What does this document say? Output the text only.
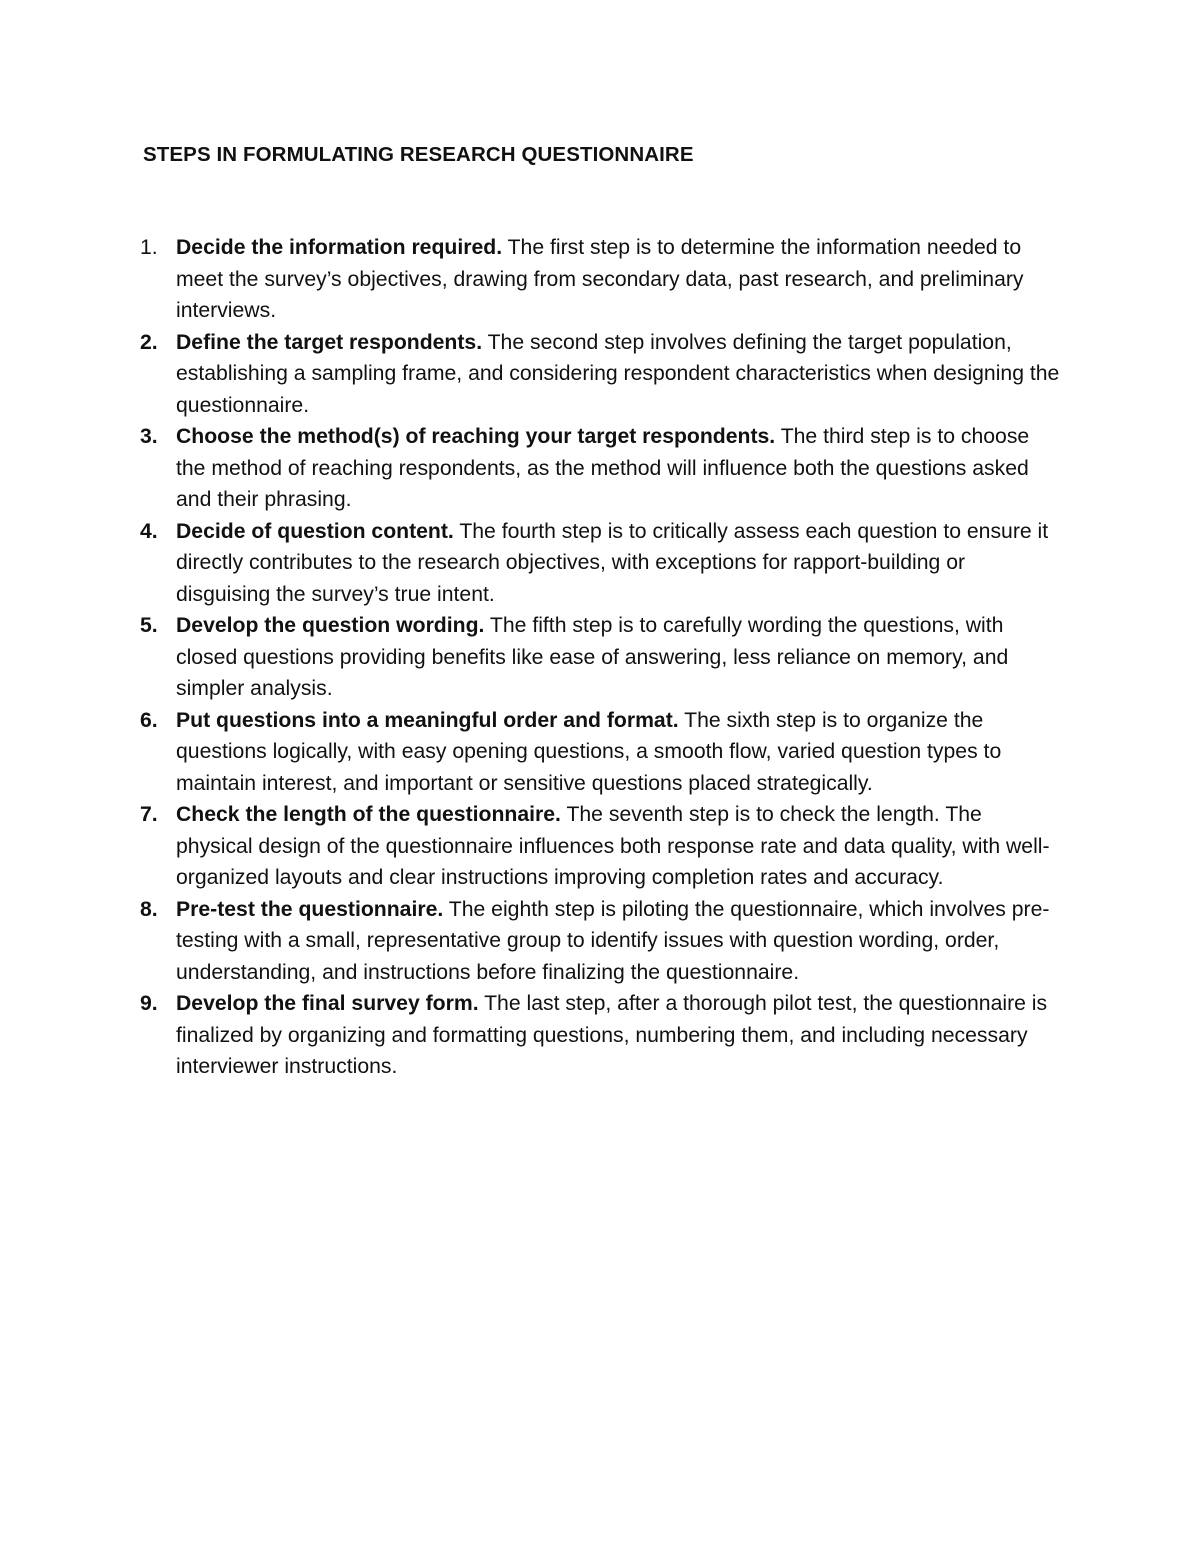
STEPS IN FORMULATING RESEARCH QUESTIONNAIRE
1. Decide the information required. The first step is to determine the information needed to meet the survey’s objectives, drawing from secondary data, past research, and preliminary interviews.
2. Define the target respondents. The second step involves defining the target population, establishing a sampling frame, and considering respondent characteristics when designing the questionnaire.
3. Choose the method(s) of reaching your target respondents. The third step is to choose the method of reaching respondents, as the method will influence both the questions asked and their phrasing.
4. Decide of question content. The fourth step is to critically assess each question to ensure it directly contributes to the research objectives, with exceptions for rapport-building or disguising the survey’s true intent.
5. Develop the question wording. The fifth step is to carefully wording the questions, with closed questions providing benefits like ease of answering, less reliance on memory, and simpler analysis.
6. Put questions into a meaningful order and format. The sixth step is to organize the questions logically, with easy opening questions, a smooth flow, varied question types to maintain interest, and important or sensitive questions placed strategically.
7. Check the length of the questionnaire. The seventh step is to check the length. The physical design of the questionnaire influences both response rate and data quality, with well-organized layouts and clear instructions improving completion rates and accuracy.
8. Pre-test the questionnaire. The eighth step is piloting the questionnaire, which involves pre-testing with a small, representative group to identify issues with question wording, order, understanding, and instructions before finalizing the questionnaire.
9. Develop the final survey form. The last step, after a thorough pilot test, the questionnaire is finalized by organizing and formatting questions, numbering them, and including necessary interviewer instructions.
